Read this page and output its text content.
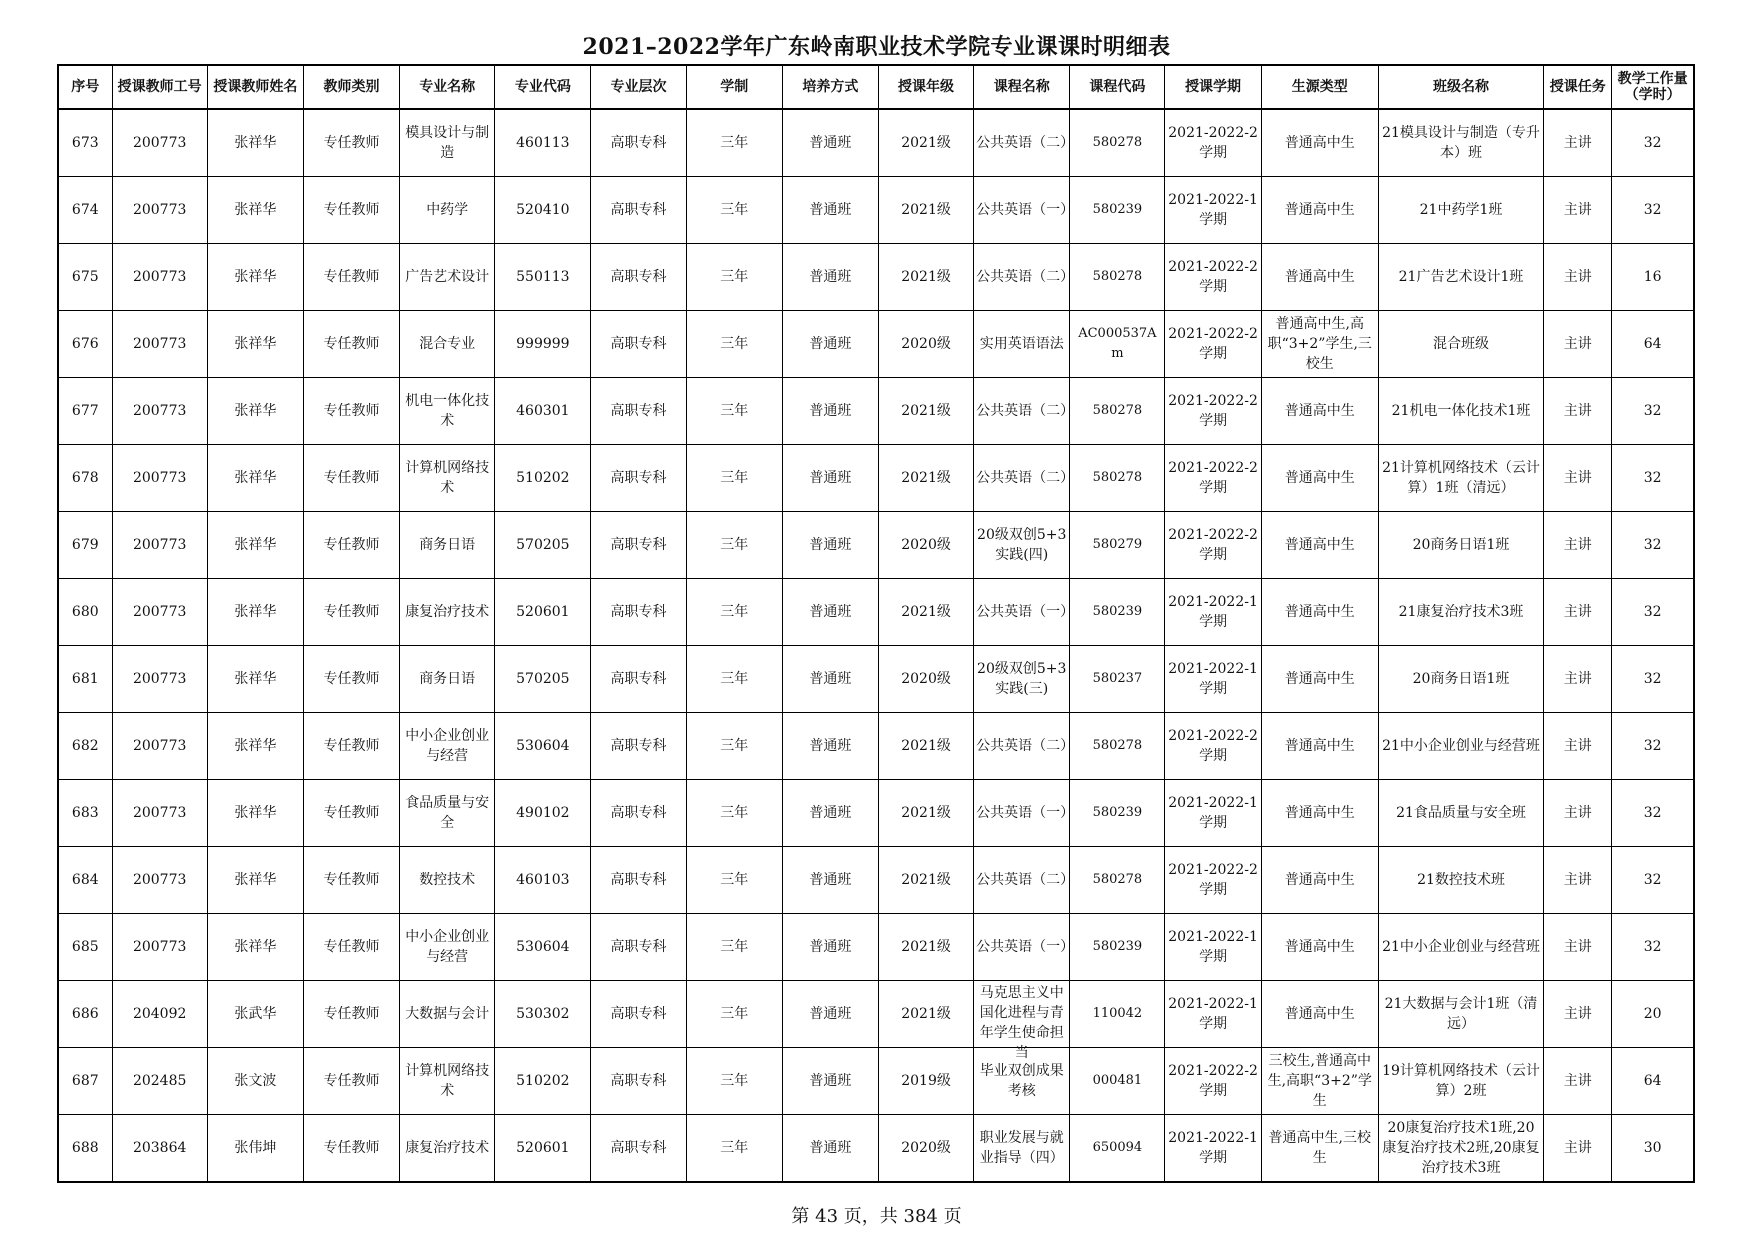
2021–2022学年广东岭南职业技术学院专业课课时明细表
序号	授课教师工号	授课教师姓名	教师类别	专业名称	专业代码	专业层次	学制	培养方式	授课年级	课程名称	课程代码	授课学期	生源类型	班级名称	授课任务	教学工作量（学时）

673	200773	张祥华	专任教师	模具设计与制造	460113	高职专科	三年	普通班	2021级	公共英语（二）	580278	2021-2022-2学期	普通高中生	21模具设计与制造（专升本）班	主讲	32

674	200773	张祥华	专任教师	中药学	520410	高职专科	三年	普通班	2021级	公共英语（一）	580239	2021-2022-1学期	普通高中生	21中药学1班	主讲	32

675	200773	张祥华	专任教师	广告艺术设计	550113	高职专科	三年	普通班	2021级	公共英语（二）	580278	2021-2022-2学期	普通高中生	21广告艺术设计1班	主讲	16

676	200773	张祥华	专任教师	混合专业	999999	高职专科	三年	普通班	2020级	实用英语语法	AC000537Am	2021-2022-2学期	普通高中生,高职“3+2”学生,三校生	混合班级	主讲	64

677	200773	张祥华	专任教师	机电一体化技术	460301	高职专科	三年	普通班	2021级	公共英语（二）	580278	2021-2022-2学期	普通高中生	21机电一体化技术1班	主讲	32

678	200773	张祥华	专任教师	计算机网络技术	510202	高职专科	三年	普通班	2021级	公共英语（二）	580278	2021-2022-2学期	普通高中生	21计算机网络技术（云计算）1班（清远）	主讲	32

679	200773	张祥华	专任教师	商务日语	570205	高职专科	三年	普通班	2020级	20级双创5+3实践(四)	580279	2021-2022-2学期	普通高中生	20商务日语1班	主讲	32

680	200773	张祥华	专任教师	康复治疗技术	520601	高职专科	三年	普通班	2021级	公共英语（一）	580239	2021-2022-1学期	普通高中生	21康复治疗技术3班	主讲	32

681	200773	张祥华	专任教师	商务日语	570205	高职专科	三年	普通班	2020级	20级双创5+3实践(三)	580237	2021-2022-1学期	普通高中生	20商务日语1班	主讲	32

682	200773	张祥华	专任教师	中小企业创业与经营	530604	高职专科	三年	普通班	2021级	公共英语（二）	580278	2021-2022-2学期	普通高中生	21中小企业创业与经营班	主讲	32

683	200773	张祥华	专任教师	食品质量与安全	490102	高职专科	三年	普通班	2021级	公共英语（一）	580239	2021-2022-1学期	普通高中生	21食品质量与安全班	主讲	32

684	200773	张祥华	专任教师	数控技术	460103	高职专科	三年	普通班	2021级	公共英语（二）	580278	2021-2022-2学期	普通高中生	21数控技术班	主讲	32

685	200773	张祥华	专任教师	中小企业创业与经营	530604	高职专科	三年	普通班	2021级	公共英语（一）	580239	2021-2022-1学期	普通高中生	21中小企业创业与经营班	主讲	32

686	204092	张武华	专任教师	大数据与会计	530302	高职专科	三年	普通班	2021级	马克思主义中国化进程与青年学生使命担当	110042	2021-2022-1学期	普通高中生	21大数据与会计1班（清远）	主讲	20

687	202485	张文波	专任教师	计算机网络技术	510202	高职专科	三年	普通班	2019级	毕业双创成果考核	000481	2021-2022-2学期	三校生,普通高中生,高职“3+2”学生	19计算机网络技术（云计算）2班	主讲	64

688	203864	张伟坤	专任教师	康复治疗技术	520601	高职专科	三年	普通班	2020级	职业发展与就业指导（四）	650094	2021-2022-1学期	普通高中生,三校生	20康复治疗技术1班,20康复治疗技术2班,20康复治疗技术3班	主讲	30
第 43 页，共 384 页
